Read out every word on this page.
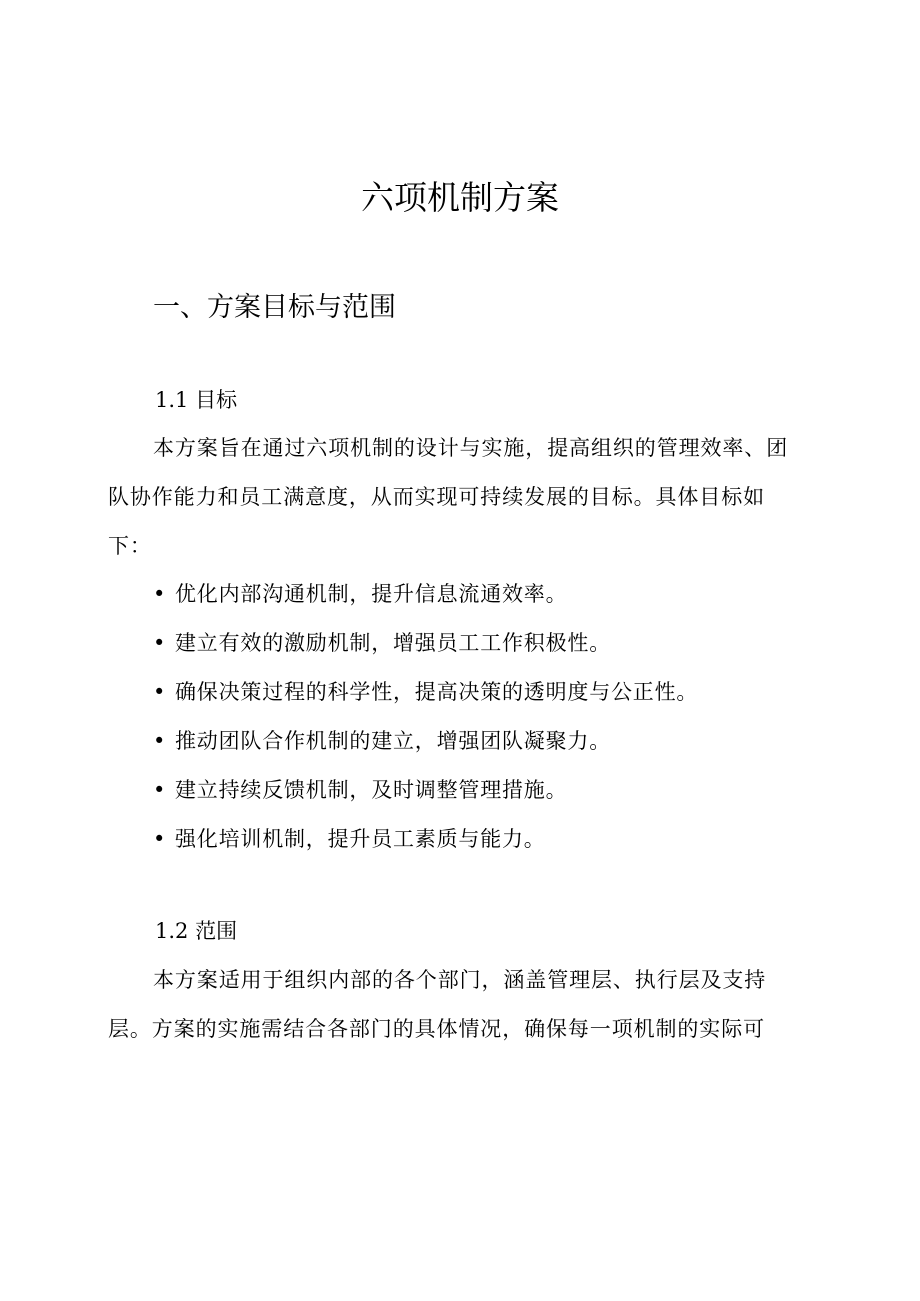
六项机制方案
一、方案目标与范围
1.1 目标

本方案旨在通过六项机制的设计与实施，提高组织的管理效率、团队协作能力和员工满意度，从而实现可持续发展的目标。具体目标如下：

• 优化内部沟通机制，提升信息流通效率。
• 建立有效的激励机制，增强员工工作积极性。
• 确保决策过程的科学性，提高决策的透明度与公正性。
• 推动团队合作机制的建立，增强团队凝聚力。
• 建立持续反馈机制，及时调整管理措施。
• 强化培训机制，提升员工素质与能力。
1.2 范围

本方案适用于组织内部的各个部门，涵盖管理层、执行层及支持层。方案的实施需结合各部门的具体情况，确保每一项机制的实际可
